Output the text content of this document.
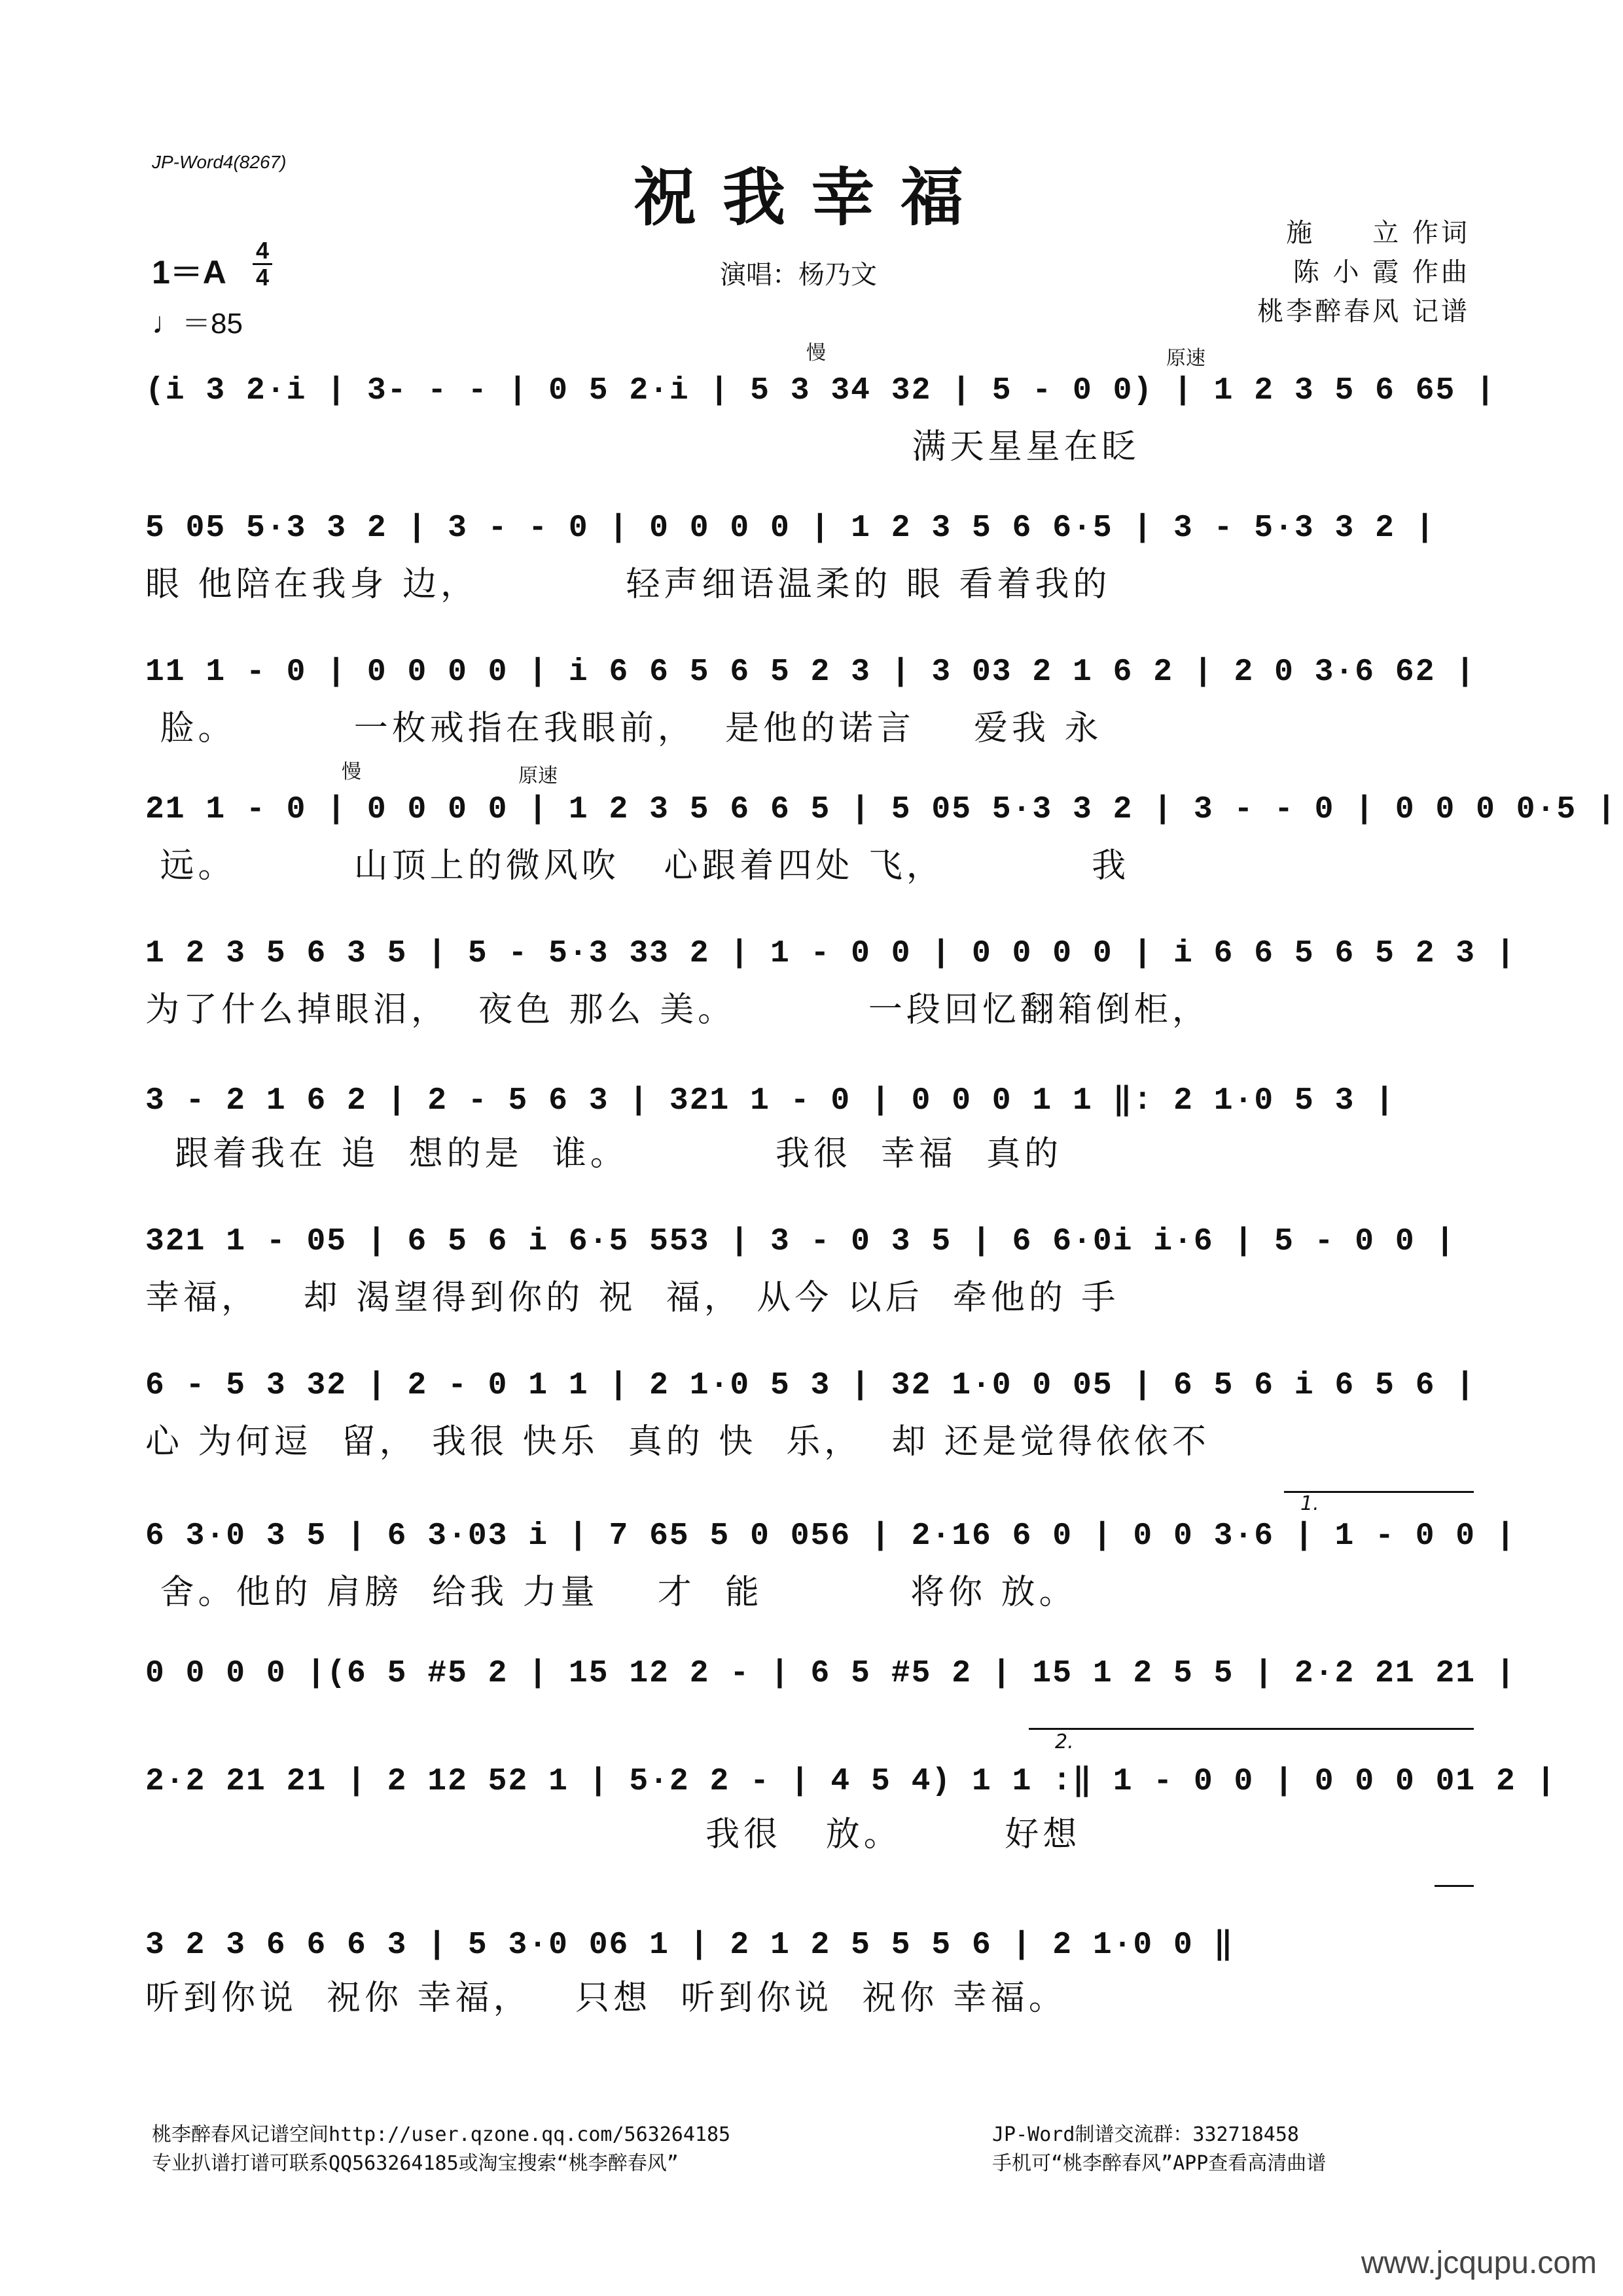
JP-Word4(8267)	祝我幸福
1＝A
4
4
♩＝85
演唱：杨乃文
施　　立 作词
陈 小 霞 作曲
桃李醉春风 记谱
慢	原速
(i 3 2·i | 3- - - | 0 5 2·i | 5 3 34 32 | 5 - 0 0) | 1 2 3 5 6 65 |
满天星星在眨
5 05 5·3 3 2 | 3 - - 0 | 0 0 0 0 | 1 2 3 5 6 6·5 | 3 - 5·3 3 2 |
眼 他陪在我身 边，          轻声细语温柔的 眼 看着我的
11 1 - 0 | 0 0 0 0 | i 6 6 5 6 5 2 3 | 3 03 2 1 6 2 | 2 0 3·6 62 |
脸。        一枚戒指在我眼前，  是他的诺言    爱我 永
慢	原速
21 1 - 0 | 0 0 0 0 | 1 2 3 5 6 6 5 | 5 05 5·3 3 2 | 3 - - 0 | 0 0 0 0·5 |
远。        山顶上的微风吹   心跟着四处 飞，          我
1 2 3 5 6 3 5 | 5 - 5·3 33 2 | 1 - 0 0 | 0 0 0 0 | i 6 6 5 6 5 2 3 |
为了什么掉眼泪，  夜色 那么 美。         一段回忆翻箱倒柜，
3 - 2 1 6 2 | 2 - 5 6 3 | 321 1 - 0 | 0 0 0 1 1 ‖: 2 1·0 5 3 |
跟着我在 追  想的是  谁。          我很  幸福  真的
321 1 - 05 | 6 5 6 i 6·5 553 | 3 - 0 3 5 | 6 6·0i i·6 | 5 - 0 0 |
幸福，   却 渴望得到你的 祝  福， 从今 以后  牵他的 手
6 - 5 3 32 | 2 - 0 1 1 | 2 1·0 5 3 | 32 1·0 0 05 | 6 5 6 i 6 5 6 |
心 为何逗  留， 我很 快乐  真的 快  乐，  却 还是觉得依依不
1.
6 3·0 3 5 | 6 3·03 i | 7 65 5 0 056 | 2·16 6 0 | 0 0 3·6 | 1 - 0 0 |
舍。他的 肩膀  给我 力量    才  能          将你 放。
0 0 0 0 |(6 5 #5 2 | 15 12 2 - | 6 5 #5 2 | 15 1 2 5 5 | 2·2 21 21 |
2.
2·2 21 21 | 2 12 52 1 | 5·2 2 - | 4 5 4) 1 1 :‖ 1 - 0 0 | 0 0 0 01 2 |
我很   放。       好想
3 2 3 6 6 6 3 | 5 3·0 06 1 | 2 1 2 5 5 5 6 | 2 1·0 0 ‖
听到你说  祝你 幸福，   只想  听到你说  祝你 幸福。
桃李醉春风记谱空间http://user.qzone.qq.com/563264185
专业扒谱打谱可联系QQ563264185或淘宝搜索“桃李醉春风”
JP-Word制谱交流群：332718458
手机可“桃李醉春风”APP查看高清曲谱
www.jcqupu.com
